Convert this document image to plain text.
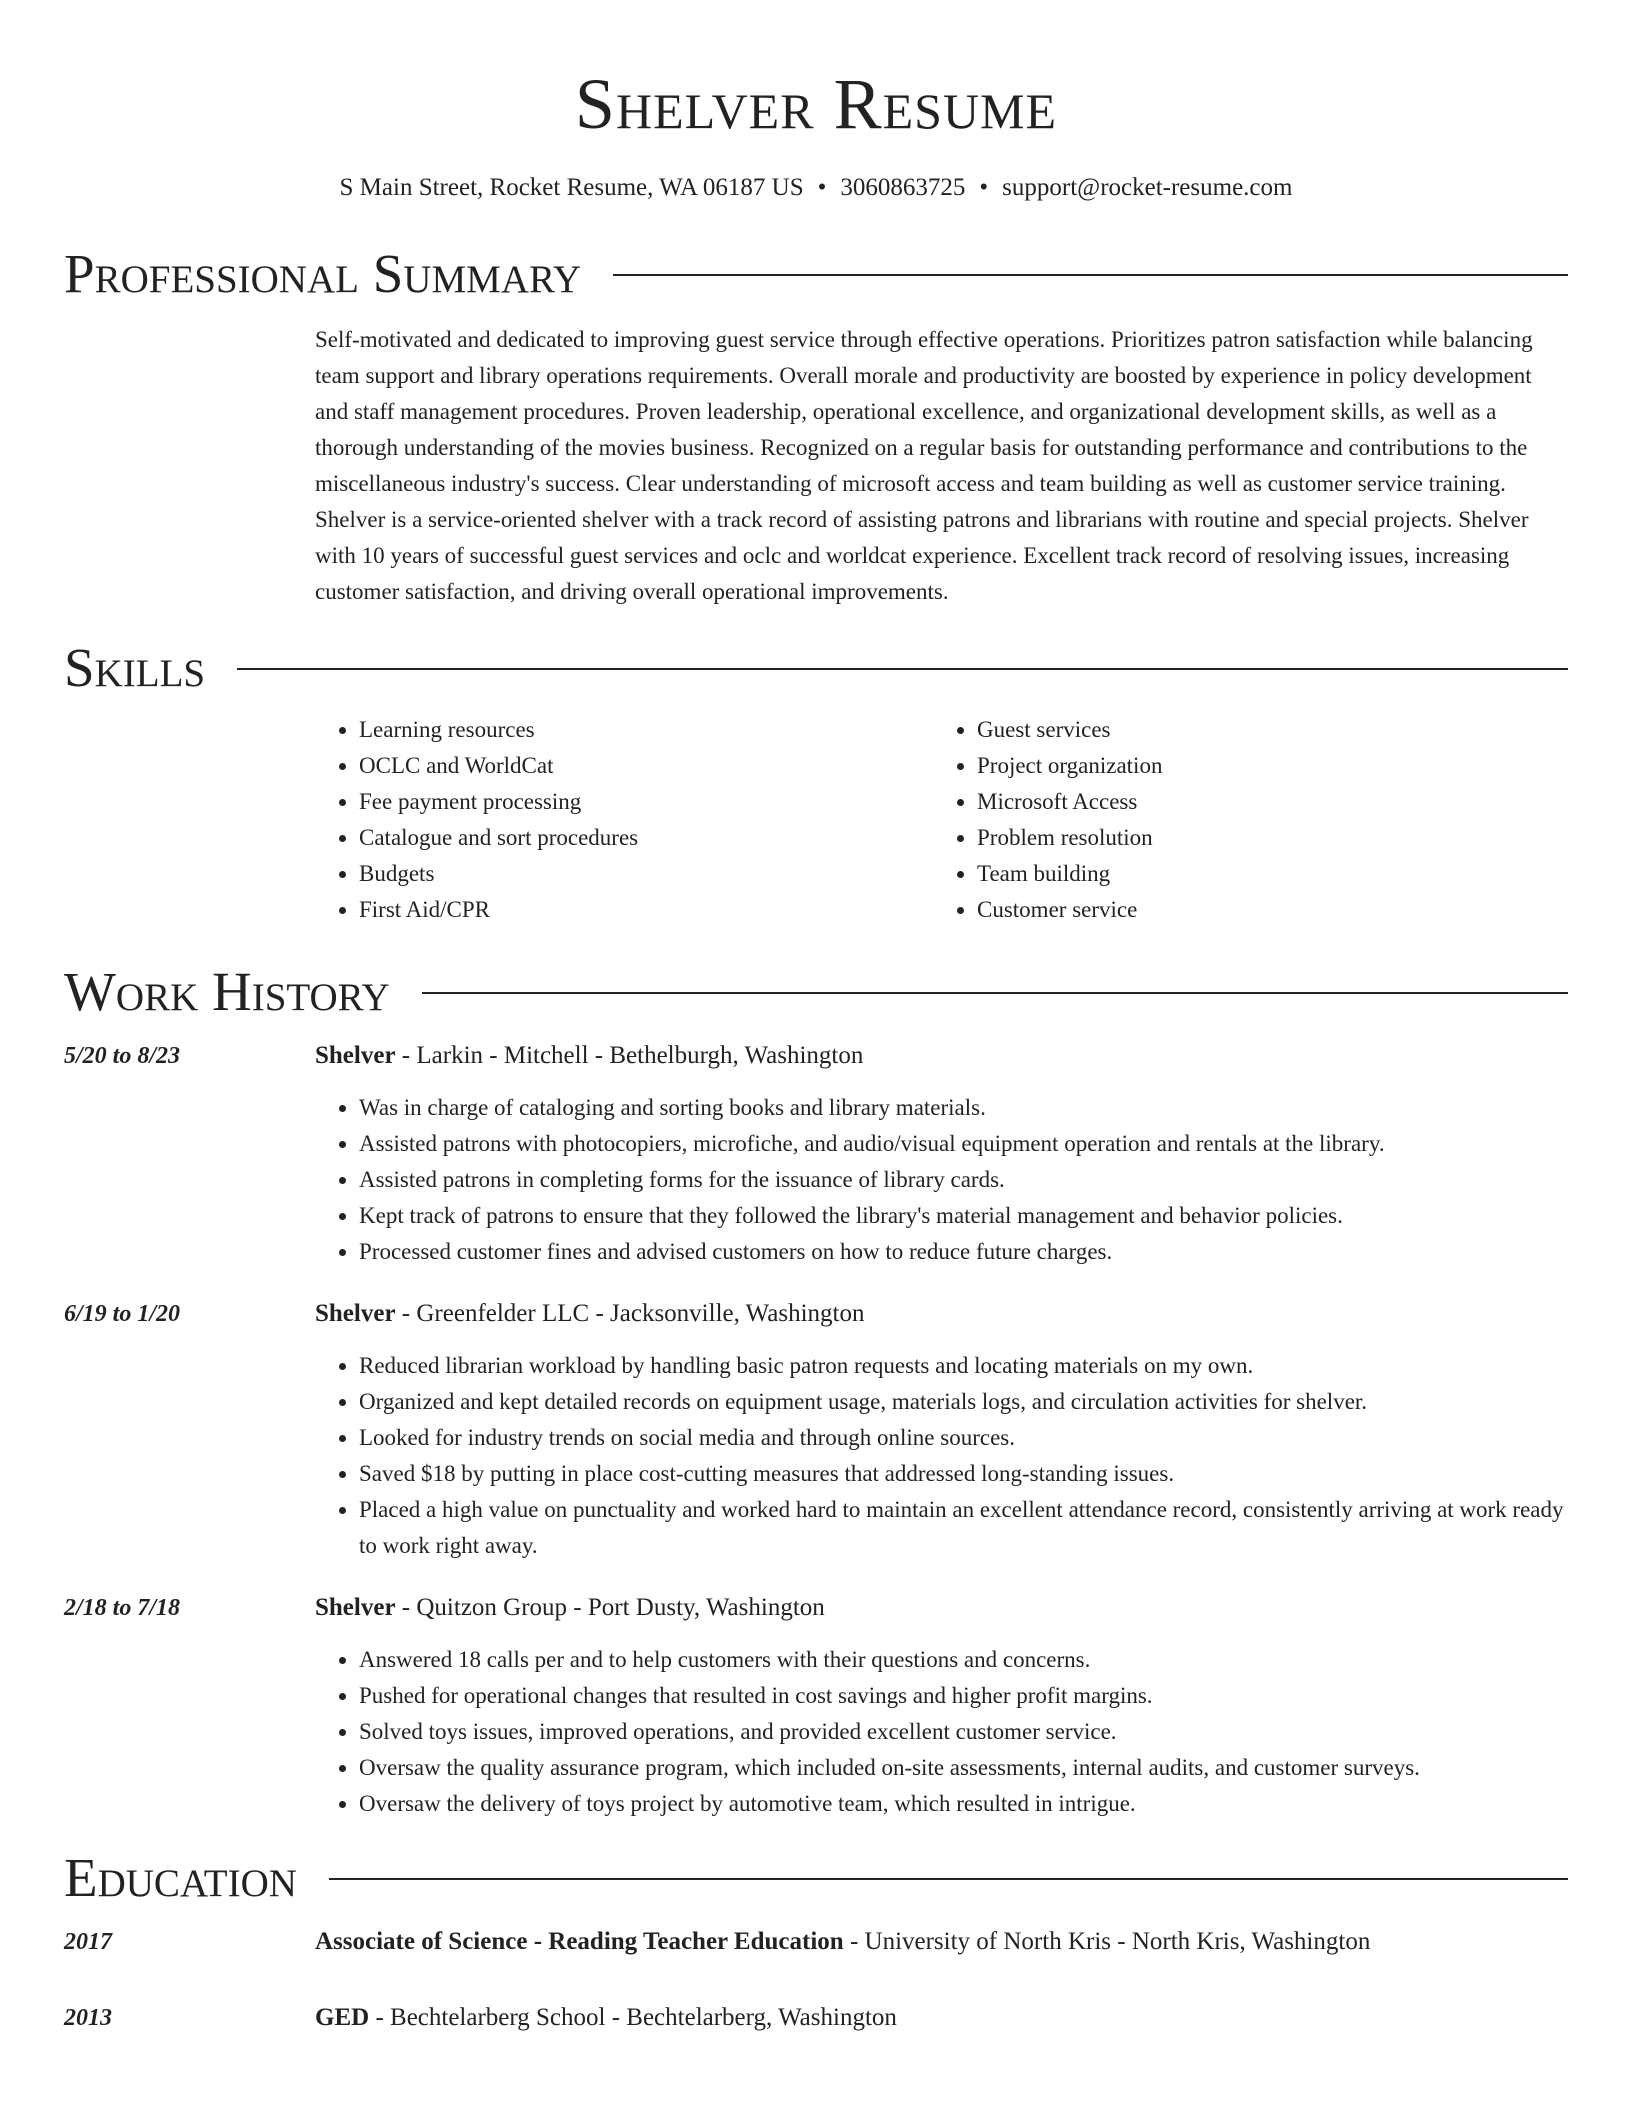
Shelver Resume
S Main Street, Rocket Resume, WA 06187 US • 3060863725 • support@rocket-resume.com
Professional Summary
Self-motivated and dedicated to improving guest service through effective operations. Prioritizes patron satisfaction while balancing team support and library operations requirements. Overall morale and productivity are boosted by experience in policy development and staff management procedures. Proven leadership, operational excellence, and organizational development skills, as well as a thorough understanding of the movies business. Recognized on a regular basis for outstanding performance and contributions to the miscellaneous industry's success. Clear understanding of microsoft access and team building as well as customer service training. Shelver is a service-oriented shelver with a track record of assisting patrons and librarians with routine and special projects. Shelver with 10 years of successful guest services and oclc and worldcat experience. Excellent track record of resolving issues, increasing customer satisfaction, and driving overall operational improvements.
Skills
• Learning resources
• OCLC and WorldCat
• Fee payment processing
• Catalogue and sort procedures
• Budgets
• First Aid/CPR
• Guest services
• Project organization
• Microsoft Access
• Problem resolution
• Team building
• Customer service
Work History
5/20 to 8/23	Shelver - Larkin - Mitchell - Bethelburgh, Washington
• Was in charge of cataloging and sorting books and library materials.
• Assisted patrons with photocopiers, microfiche, and audio/visual equipment operation and rentals at the library.
• Assisted patrons in completing forms for the issuance of library cards.
• Kept track of patrons to ensure that they followed the library's material management and behavior policies.
• Processed customer fines and advised customers on how to reduce future charges.
6/19 to 1/20	Shelver - Greenfelder LLC - Jacksonville, Washington
• Reduced librarian workload by handling basic patron requests and locating materials on my own.
• Organized and kept detailed records on equipment usage, materials logs, and circulation activities for shelver.
• Looked for industry trends on social media and through online sources.
• Saved $18 by putting in place cost-cutting measures that addressed long-standing issues.
• Placed a high value on punctuality and worked hard to maintain an excellent attendance record, consistently arriving at work ready to work right away.
2/18 to 7/18	Shelver - Quitzon Group - Port Dusty, Washington
• Answered 18 calls per and to help customers with their questions and concerns.
• Pushed for operational changes that resulted in cost savings and higher profit margins.
• Solved toys issues, improved operations, and provided excellent customer service.
• Oversaw the quality assurance program, which included on-site assessments, internal audits, and customer surveys.
• Oversaw the delivery of toys project by automotive team, which resulted in intrigue.
Education
2017	Associate of Science - Reading Teacher Education - University of North Kris - North Kris, Washington
2013	GED - Bechtelarberg School - Bechtelarberg, Washington
